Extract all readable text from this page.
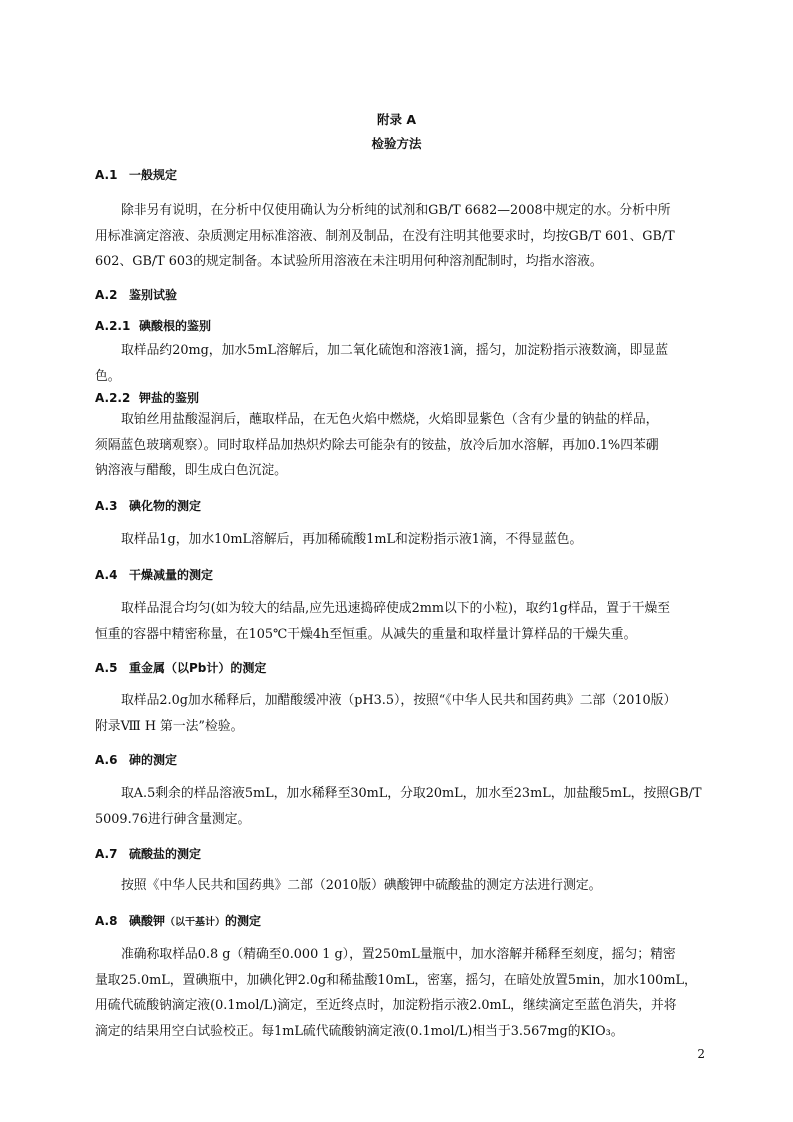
附录 A
检验方法
A.1 一般规定
除非另有说明，在分析中仅使用确认为分析纯的试剂和GB/T 6682—2008中规定的水。分析中所
用标准滴定溶液、杂质测定用标准溶液、制剂及制品，在没有注明其他要求时，均按GB/T 601、GB/T
602、GB/T 603的规定制备。本试验所用溶液在未注明用何种溶剂配制时，均指水溶液。
A.2 鉴别试验
A.2.1 碘酸根的鉴别
取样品约20mg，加水5mL溶解后，加二氧化硫饱和溶液1滴，摇匀，加淀粉指示液数滴，即显蓝
色。
A.2.2 钾盐的鉴别
取铂丝用盐酸湿润后，蘸取样品，在无色火焰中燃烧，火焰即显紫色（含有少量的钠盐的样品，
须隔蓝色玻璃观察）。同时取样品加热炽灼除去可能杂有的铵盐，放冷后加水溶解，再加0.1%四苯硼
钠溶液与醋酸，即生成白色沉淀。
A.3 碘化物的测定
取样品1g，加水10mL溶解后，再加稀硫酸1mL和淀粉指示液1滴，不得显蓝色。
A.4 干燥减量的测定
取样品混合均匀(如为较大的结晶,应先迅速捣碎使成2mm以下的小粒)，取约1g样品，置于干燥至
恒重的容器中精密称量，在105℃干燥4h至恒重。从减失的重量和取样量计算样品的干燥失重。
A.5 重金属（以Pb计）的测定
取样品2.0g加水稀释后，加醋酸缓冲液（pH3.5），按照“《中华人民共和国药典》二部（2010版）
附录Ⅷ H 第一法”检验。
A.6 砷的测定
取A.5剩余的样品溶液5mL，加水稀释至30mL，分取20mL，加水至23mL，加盐酸5mL，按照GB/T
5009.76进行砷含量测定。
A.7 硫酸盐的测定
按照《中华人民共和国药典》二部（2010版）碘酸钾中硫酸盐的测定方法进行测定。
A.8 碘酸钾（以干基计）的测定
准确称取样品0.8 g（精确至0.000 1 g），置250mL量瓶中，加水溶解并稀释至刻度，摇匀；精密
量取25.0mL，置碘瓶中，加碘化钾2.0g和稀盐酸10mL，密塞，摇匀，在暗处放置5min，加水100mL，
用硫代硫酸钠滴定液(0.1mol/L)滴定，至近终点时，加淀粉指示液2.0mL，继续滴定至蓝色消失，并将
滴定的结果用空白试验校正。每1mL硫代硫酸钠滴定液(0.1mol/L)相当于3.567mg的KIO₃。
2
